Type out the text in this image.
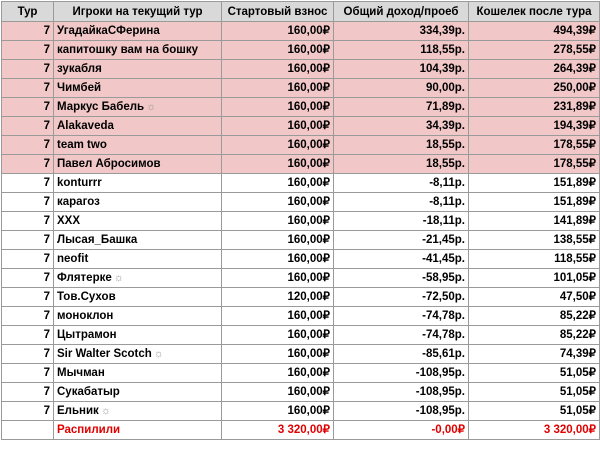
Тур	Игроки на текущий тур	Стартовый взнос	Общий доход/проеб	Кошелек после тура
7	УгадайкаСФерина	160,00₽	334,39р.	494,39₽
7	капитошку вам на бошку	160,00₽	118,55р.	278,55₽
7	зукабля	160,00₽	104,39р.	264,39₽
7	Чимбей	160,00₽	90,00р.	250,00₽
7	Маркус Бабель ☼	160,00₽	71,89р.	231,89₽
7	Alakaveda	160,00₽	34,39р.	194,39₽
7	team two	160,00₽	18,55р.	178,55₽
7	Павел Абросимов	160,00₽	18,55р.	178,55₽
7	konturrr	160,00₽	-8,11р.	151,89₽
7	карагоз	160,00₽	-8,11р.	151,89₽
7	XXX	160,00₽	-18,11р.	141,89₽
7	Лысая_Башка	160,00₽	-21,45р.	138,55₽
7	neofit	160,00₽	-41,45р.	118,55₽
7	Флятерке ☼	160,00₽	-58,95р.	101,05₽
7	Тов.Сухов	120,00₽	-72,50р.	47,50₽
7	моноклон	160,00₽	-74,78р.	85,22₽
7	Цытрамон	160,00₽	-74,78р.	85,22₽
7	Sir Walter Scotch ☼	160,00₽	-85,61р.	74,39₽
7	Мычман	160,00₽	-108,95р.	51,05₽
7	Сукабатыр	160,00₽	-108,95р.	51,05₽
7	Ельник ☼	160,00₽	-108,95р.	51,05₽
	Распилили	3 320,00₽	-0,00₽	3 320,00₽
